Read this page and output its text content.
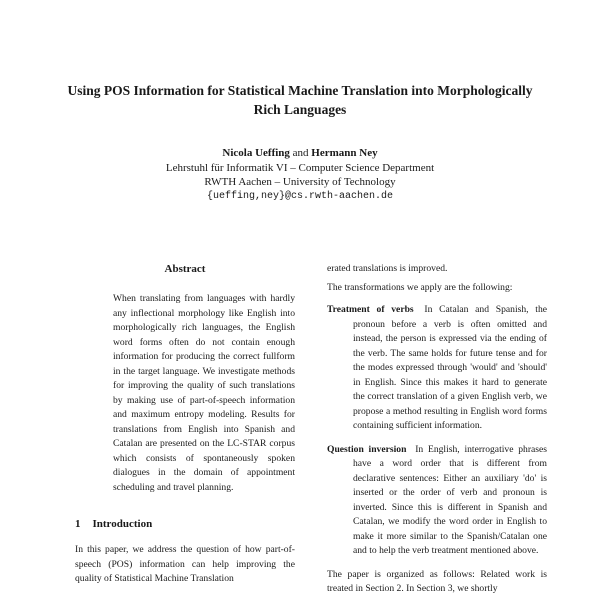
Using POS Information for Statistical Machine Translation into Morphologically Rich Languages
Nicola Ueffing and Hermann Ney
Lehrstuhl für Informatik VI – Computer Science Department
RWTH Aachen – University of Technology
{ueffing,ney}@cs.rwth-aachen.de
Abstract

When translating from languages with hardly any inflectional morphology like English into morphologically rich languages, the English word forms often do not contain enough information for producing the correct fullform in the target language. We investigate methods for improving the quality of such translations by making use of part-of-speech information and maximum entropy modeling. Results for translations from English into Spanish and Catalan are presented on the LC-STAR corpus which consists of spontaneously spoken dialogues in the domain of appointment scheduling and travel planning.

1 Introduction

In this paper, we address the question of how part-of-speech (POS) information can help improving the quality of Statistical Machine Translation

erated translations is improved.

The transformations we apply are the following:

Treatment of verbs In Catalan and Spanish, the pronoun before a verb is often omitted and instead, the person is expressed via the ending of the verb. The same holds for future tense and for the modes expressed through 'would' and 'should' in English. Since this makes it hard to generate the correct translation of a given English verb, we propose a method resulting in English word forms containing sufficient information.

Question inversion In English, interrogative phrases have a word order that is different from declarative sentences: Either an auxiliary 'do' is inserted or the order of verb and pronoun is inverted. Since this is different in Spanish and Catalan, we modify the word order in English to make it more similar to the Spanish/Catalan one and to help the verb treatment mentioned above.

The paper is organized as follows: Related work is treated in Section 2. In Section 3, we shortly
